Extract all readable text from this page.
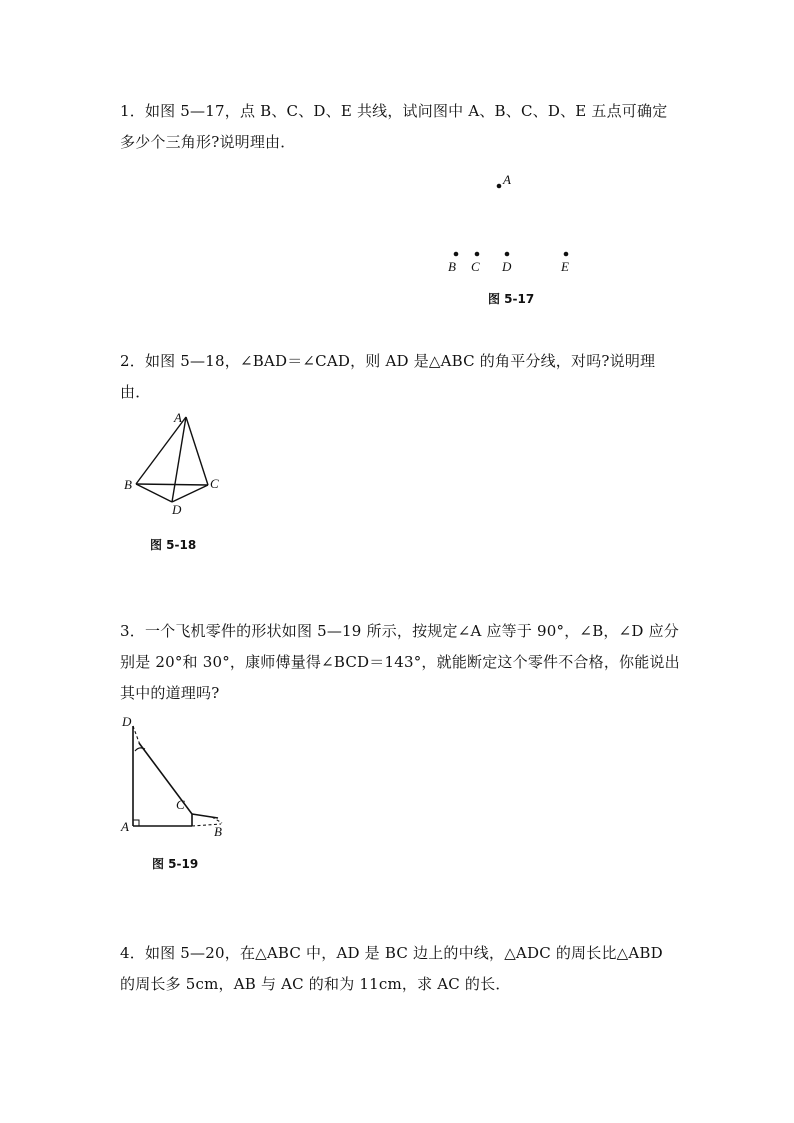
1．如图 5—17，点 B、C、D、E 共线，试问图中 A、B、C、D、E 五点可确定多少个三角形?说明理由．

A
B C D	E
图 5-17

2．如图 5—18，∠BAD＝∠CAD，则 AD 是△ABC 的角平分线，对吗?说明理由．

A
B	C
D
图 5-18

3．一个飞机零件的形状如图 5—19 所示，按规定∠A 应等于 90°，∠B，∠D 应分别是 20°和 30°，康师傅量得∠BCD＝143°，就能断定这个零件不合格，你能说出其中的道理吗?

D
C
A	B
图 5-19

4．如图 5—20，在△ABC 中，AD 是 BC 边上的中线，△ADC 的周长比△ABD 的周长多 5cm，AB 与 AC 的和为 11cm，求 AC 的长．
